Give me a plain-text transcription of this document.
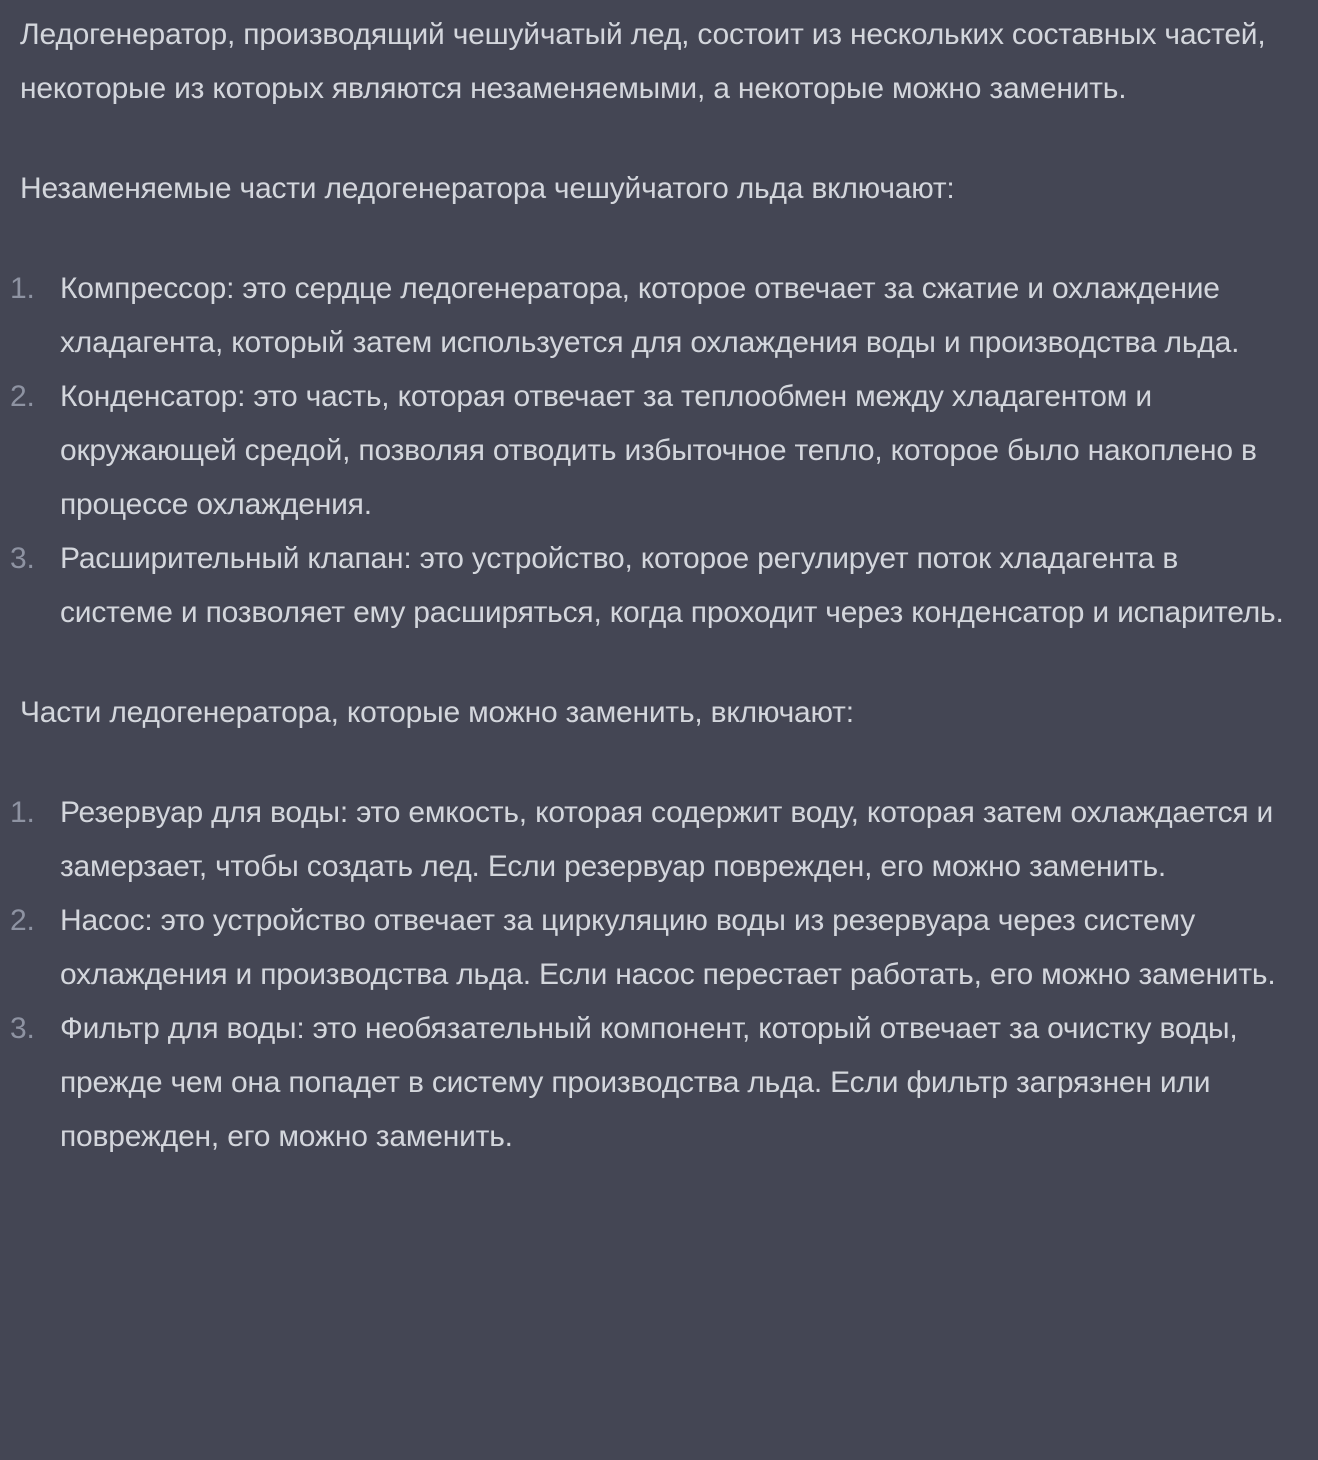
Ледогенератор, производящий чешуйчатый лед, состоит из нескольких составных частей, некоторые из которых являются незаменяемыми, а некоторые можно заменить.

Незаменяемые части ледогенератора чешуйчатого льда включают:

1. Компрессор: это сердце ледогенератора, которое отвечает за сжатие и охлаждение хладагента, который затем используется для охлаждения воды и производства льда.
2. Конденсатор: это часть, которая отвечает за теплообмен между хладагентом и окружающей средой, позволяя отводить избыточное тепло, которое было накоплено в процессе охлаждения.
3. Расширительный клапан: это устройство, которое регулирует поток хладагента в системе и позволяет ему расширяться, когда проходит через конденсатор и испаритель.

Части ледогенератора, которые можно заменить, включают:

1. Резервуар для воды: это емкость, которая содержит воду, которая затем охлаждается и замерзает, чтобы создать лед. Если резервуар поврежден, его можно заменить.
2. Насос: это устройство отвечает за циркуляцию воды из резервуара через систему охлаждения и производства льда. Если насос перестает работать, его можно заменить.
3. Фильтр для воды: это необязательный компонент, который отвечает за очистку воды, прежде чем она попадет в систему производства льда. Если фильтр загрязнен или поврежден, его можно заменить.
